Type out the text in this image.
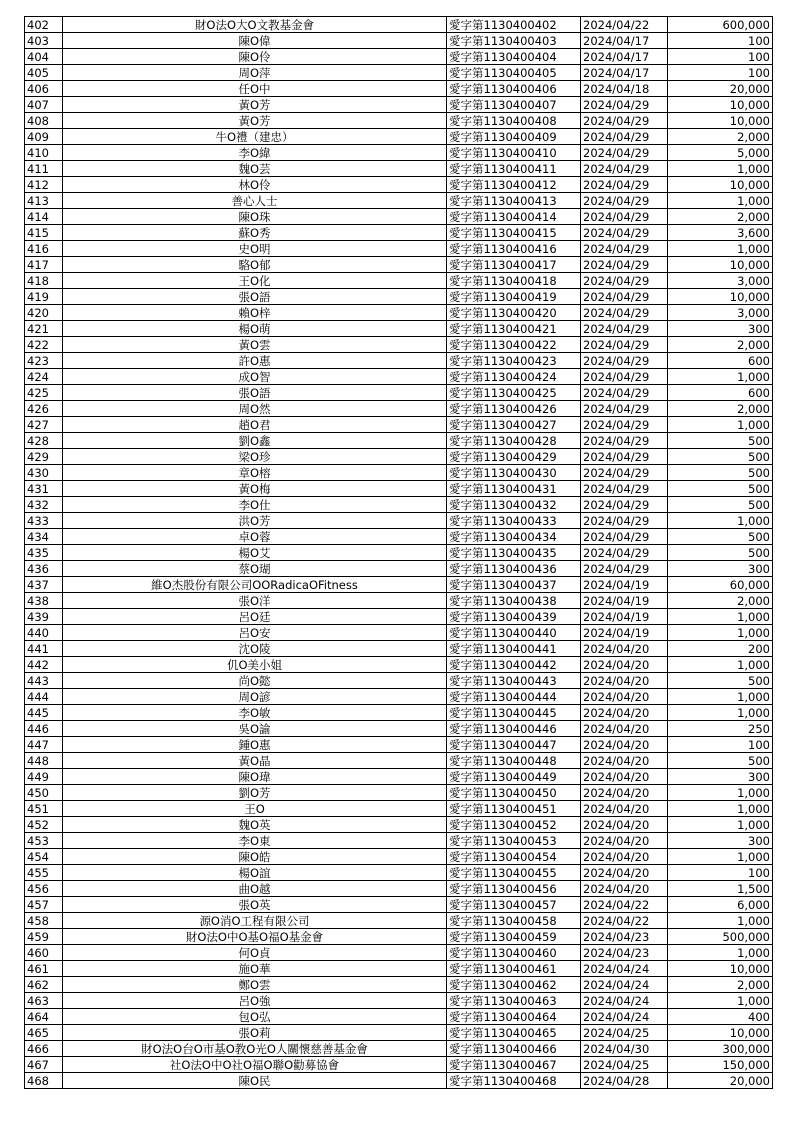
402	財O法O大O文教基金會	愛字第1130400402	2024/04/22	600,000
403	陳O偉	愛字第1130400403	2024/04/17	100
404	陳O伶	愛字第1130400404	2024/04/17	100
405	周O萍	愛字第1130400405	2024/04/17	100
406	任O中	愛字第1130400406	2024/04/18	20,000
407	黃O芳	愛字第1130400407	2024/04/29	10,000
408	黃O芳	愛字第1130400408	2024/04/29	10,000
409	牛O禮（建忠）	愛字第1130400409	2024/04/29	2,000
410	李O緯	愛字第1130400410	2024/04/29	5,000
411	魏O芸	愛字第1130400411	2024/04/29	1,000
412	林O伶	愛字第1130400412	2024/04/29	10,000
413	善心人士	愛字第1130400413	2024/04/29	1,000
414	陳O珠	愛字第1130400414	2024/04/29	2,000
415	蘇O秀	愛字第1130400415	2024/04/29	3,600
416	史O明	愛字第1130400416	2024/04/29	1,000
417	駱O郁	愛字第1130400417	2024/04/29	10,000
418	王O化	愛字第1130400418	2024/04/29	3,000
419	張O語	愛字第1130400419	2024/04/29	10,000
420	賴O梓	愛字第1130400420	2024/04/29	3,000
421	楊O萌	愛字第1130400421	2024/04/29	300
422	黃O雲	愛字第1130400422	2024/04/29	2,000
423	許O惠	愛字第1130400423	2024/04/29	600
424	成O智	愛字第1130400424	2024/04/29	1,000
425	張O語	愛字第1130400425	2024/04/29	600
426	周O然	愛字第1130400426	2024/04/29	2,000
427	趙O君	愛字第1130400427	2024/04/29	1,000
428	劉O鑫	愛字第1130400428	2024/04/29	500
429	梁O珍	愛字第1130400429	2024/04/29	500
430	章O榕	愛字第1130400430	2024/04/29	500
431	黃O梅	愛字第1130400431	2024/04/29	500
432	李O仕	愛字第1130400432	2024/04/29	500
433	洪O芳	愛字第1130400433	2024/04/29	1,000
434	卓O蓉	愛字第1130400434	2024/04/29	500
435	楊O艾	愛字第1130400435	2024/04/29	500
436	蔡O瑚	愛字第1130400436	2024/04/29	300
437	維O杰股份有限公司OORadicaOFitness	愛字第1130400437	2024/04/19	60,000
438	張O洋	愛字第1130400438	2024/04/19	2,000
439	呂O廷	愛字第1130400439	2024/04/19	1,000
440	呂O安	愛字第1130400440	2024/04/19	1,000
441	沈O陵	愛字第1130400441	2024/04/20	200
442	仉O美小姐	愛字第1130400442	2024/04/20	1,000
443	尚O懿	愛字第1130400443	2024/04/20	500
444	周O諺	愛字第1130400444	2024/04/20	1,000
445	李O敏	愛字第1130400445	2024/04/20	1,000
446	吳O諭	愛字第1130400446	2024/04/20	250
447	鍾O惠	愛字第1130400447	2024/04/20	100
448	黃O晶	愛字第1130400448	2024/04/20	500
449	陳O瑋	愛字第1130400449	2024/04/20	300
450	劉O芳	愛字第1130400450	2024/04/20	1,000
451	王O	愛字第1130400451	2024/04/20	1,000
452	魏O英	愛字第1130400452	2024/04/20	1,000
453	李O東	愛字第1130400453	2024/04/20	300
454	陳O皓	愛字第1130400454	2024/04/20	1,000
455	楊O誼	愛字第1130400455	2024/04/20	100
456	曲O越	愛字第1130400456	2024/04/20	1,500
457	張O英	愛字第1130400457	2024/04/22	6,000
458	源O消O工程有限公司	愛字第1130400458	2024/04/22	1,000
459	財O法O中O基O福O基金會	愛字第1130400459	2024/04/23	500,000
460	何O貞	愛字第1130400460	2024/04/23	1,000
461	施O華	愛字第1130400461	2024/04/24	10,000
462	鄭O雲	愛字第1130400462	2024/04/24	2,000
463	呂O強	愛字第1130400463	2024/04/24	1,000
464	包O弘	愛字第1130400464	2024/04/24	400
465	張O莉	愛字第1130400465	2024/04/25	10,000
466	財O法O台O市基O教O光O人關懷慈善基金會	愛字第1130400466	2024/04/30	300,000
467	社O法O中O社O福O聯O勸募協會	愛字第1130400467	2024/04/25	150,000
468	陳O民	愛字第1130400468	2024/04/28	20,000
